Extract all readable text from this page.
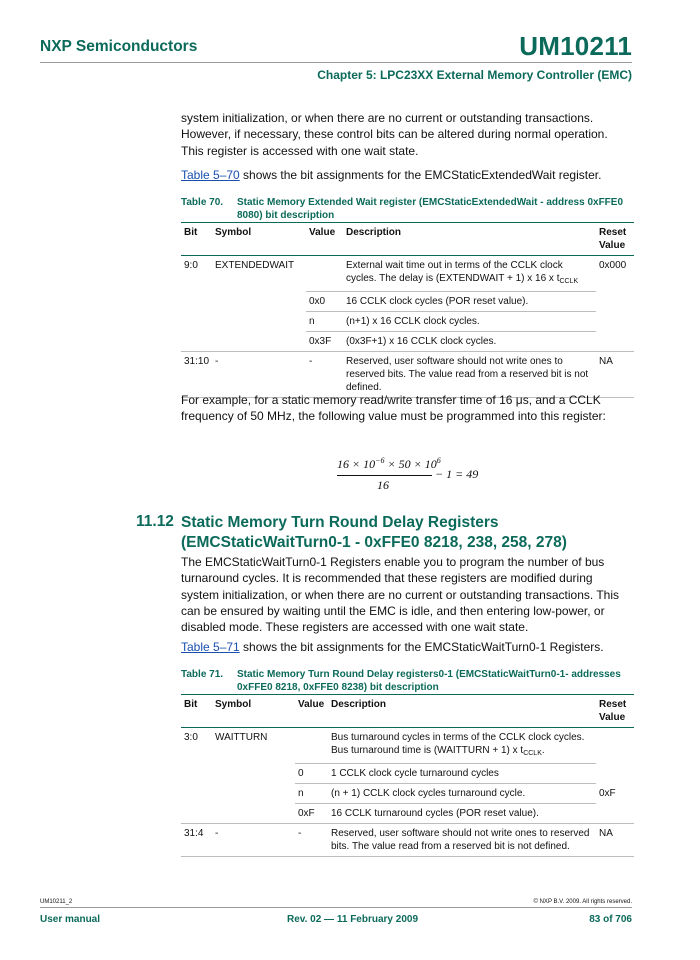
NXP Semiconductors	UM10211
Chapter 5: LPC23XX External Memory Controller (EMC)
system initialization, or when there are no current or outstanding transactions. However, if necessary, these control bits can be altered during normal operation. This register is accessed with one wait state.
Table 5–70 shows the bit assignments for the EMCStaticExtendedWait register.
Table 70. Static Memory Extended Wait register (EMCStaticExtendedWait - address 0xFFE0 8080) bit description
Bit	Symbol	Value	Description	Reset
Value
9:0	EXTENDEDWAIT		External wait time out in terms of the CCLK clock cycles. The delay is (EXTENDWAIT + 1) x 16 x $t_{CCLK}$	0x000
		0x0	16 CCLK clock cycles (POR reset value).	
		n	(n+1) x 16 CCLK clock cycles.	
		0x3F	(0x3F+1) x 16 CCLK clock cycles.	
31:10	-	-	Reserved, user software should not write ones to reserved bits. The value read from a reserved bit is not defined.	NA
For example, for a static memory read/write transfer time of 16 μs, and a CCLK frequency of 50 MHz, the following value must be programmed into this register:
$16 \times 10^{-6} \times 50 \times 10^6$
16
− 1 = 49
11.12 Static Memory Turn Round Delay Registers (EMCStaticWaitTurn0-1 - 0xFFE0 8218, 238, 258, 278)
The EMCStaticWaitTurn0-1 Registers enable you to program the number of bus turnaround cycles. It is recommended that these registers are modified during system initialization, or when there are no current or outstanding transactions. This can be ensured by waiting until the EMC is idle, and then entering low-power, or disabled mode. These registers are accessed with one wait state.
Table 5–71 shows the bit assignments for the EMCStaticWaitTurn0-1 Registers.
Table 71. Static Memory Turn Round Delay registers0-1 (EMCStaticWaitTurn0-1- addresses 0xFFE0 8218, 0xFFE0 8238) bit description
Bit	Symbol	Value	Description	Reset
Value
3:0	WAITTURN		Bus turnaround cycles in terms of the CCLK clock cycles. Bus turnaround time is (WAITTURN + 1) x $t_{CCLK}$.	
		0	1 CCLK clock cycle turnaround cycles	
		n	(n + 1) CCLK clock cycles turnaround cycle.	0xF
		0xF	16 CCLK turnaround cycles (POR reset value).	
31:4	-	-	Reserved, user software should not write ones to reserved bits. The value read from a reserved bit is not defined.	NA
UM10211_2	© NXP B.V. 2009. All rights reserved.
User manual	Rev. 02 — 11 February 2009	83 of 706
